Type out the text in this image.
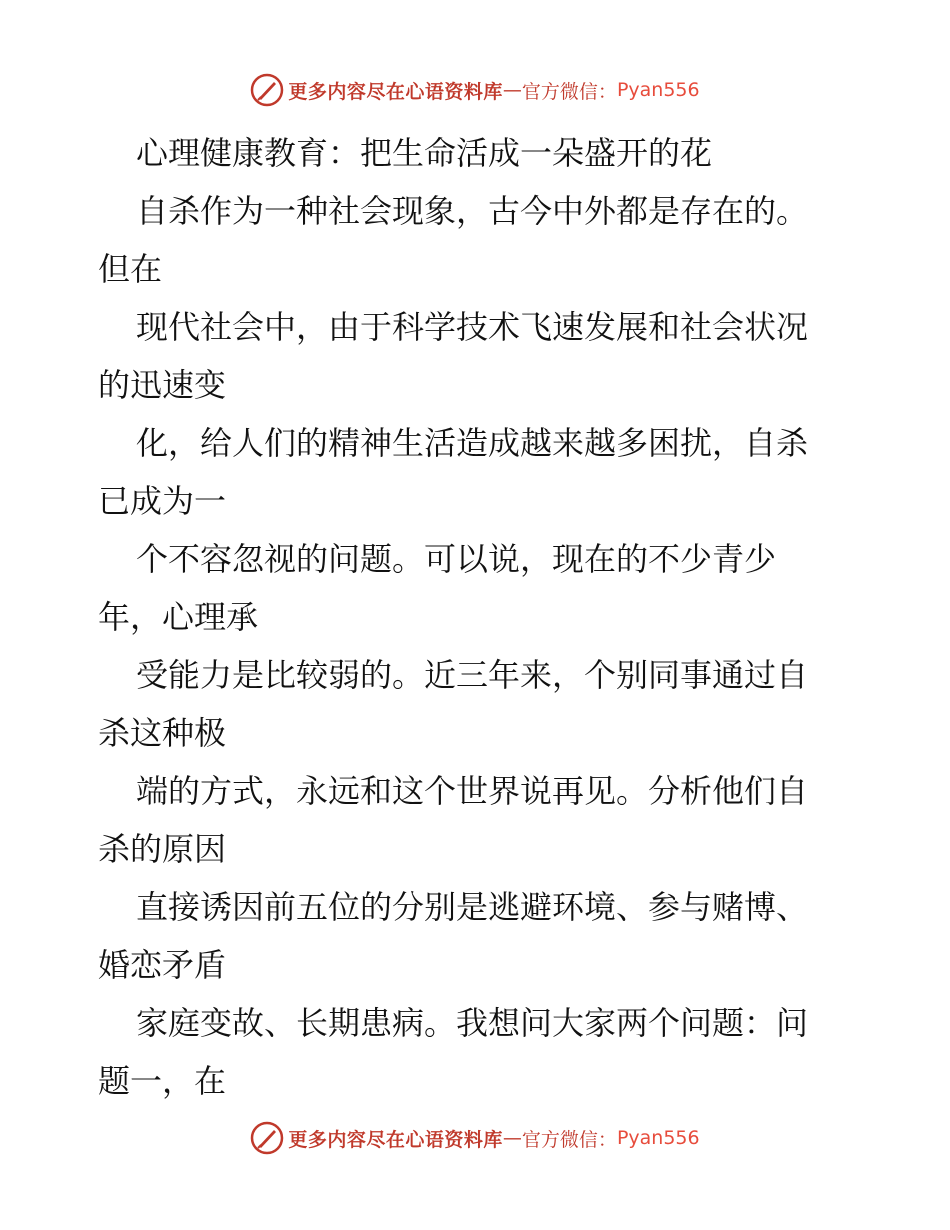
更多内容尽在心语资料库 — 官方微信： Pyan556
心理健康教育：把生命活成一朵盛开的花
自杀作为一种社会现象，古今中外都是存在的。
但在
现代社会中，由于科学技术飞速发展和社会状况
的迅速变
化，给人们的精神生活造成越来越多困扰，自杀
已成为一
个不容忽视的问题。可以说，现在的不少青少
年，心理承
受能力是比较弱的。近三年来，个别同事通过自
杀这种极
端的方式，永远和这个世界说再见。分析他们自
杀的原因
直接诱因前五位的分别是逃避环境、参与赌博、
婚恋矛盾
家庭变故、长期患病。我想问大家两个问题：问
题一，在
更多内容尽在心语资料库 — 官方微信： Pyan556
